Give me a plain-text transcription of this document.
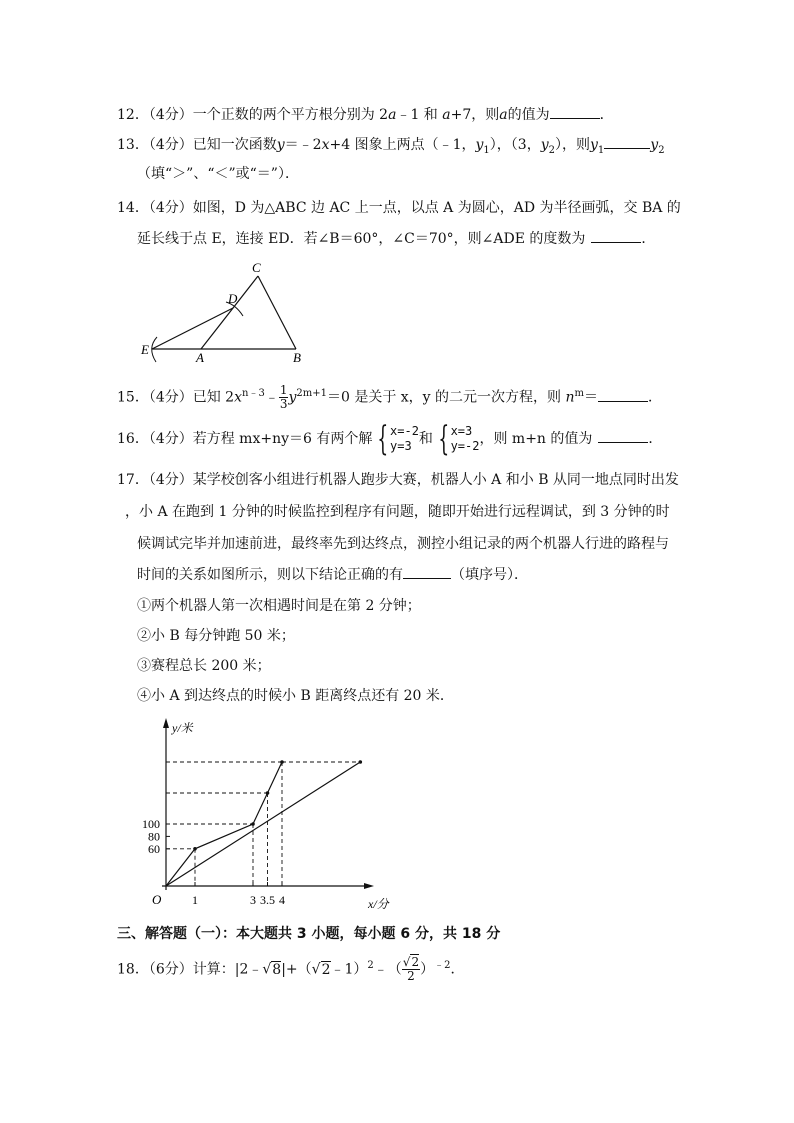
12．（4分）一个正数的两个平方根分别为 2a﹣1 和 a+7，则a的值为	．
13．（4分）已知一次函数y＝﹣2x+4 图象上两点（﹣1，$y_1$），（3，$y_2$），则$y_1$	$y_2$
（填“＞”、“＜”或“＝”）．
14．（4分）如图，D 为△ABC 边 AC 上一点，以点 A 为圆心，AD 为半径画弧，交 BA 的
延长线于点 E，连接 ED．若∠B＝60°，∠C＝70°，则∠ADE 的度数为	．
C
D
E
A	B
15．（4分）已知 $2x^{n﹣3}﹣ \frac{1}{3} y^{2m+1}=0$ 是关于 x，y 的二元一次方程，则 $n^m=$	．
16．（4分）若方程 mx+ny＝6 有两个解 { x=-2
y=3 和 { x=3
y=-2 ，则 m+n 的值为	．
17．（4分）某学校创客小组进行机器人跑步大赛，机器人小 A 和小 B 从同一地点同时出发
，小 A 在跑到 1 分钟的时候监控到程序有问题，随即开始进行远程调试，到 3 分钟的时
候调试完毕并加速前进，最终率先到达终点，测控小组记录的两个机器人行进的路程与
时间的关系如图所示，则以下结论正确的有	（填序号）．
①两个机器人第一次相遇时间是在第 2 分钟；
②小 B 每分钟跑 50 米；
③赛程总长 200 米；
④小 A 到达终点的时候小 B 距离终点还有 20 米．
1	3 3.5 4
60
80
100
O	x/分
y/米
三、解答题（一）：本大题共 3 小题，每小题 6 分，共 18 分
18．（6分）计算：|2﹣√8|+（√2﹣1）$^2$﹣（ $\frac{√2}{2} )^{﹣2}$．
